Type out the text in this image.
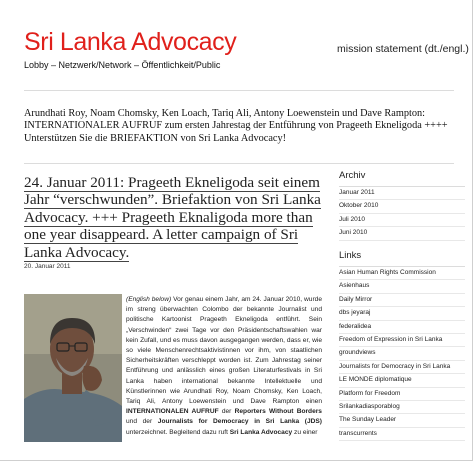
Sri Lanka Advocacy
Lobby – Netzwerk/Network – Öffentlichkeit/Public
mission statement (dt./engl.)
Arundhati Roy, Noam Chomsky, Ken Loach, Tariq Ali, Antony Loewenstein und Dave Rampton: INTERNATIONALER AUFRUF zum ersten Jahrestag der Entführung von Prageeth Ekneligoda ++++ Unterstützen Sie die BRIEFAKTION von Sri Lanka Advocacy!
24. Januar 2011: Prageeth Ekneligoda seit einem Jahr “verschwunden”. Briefaktion von Sri Lanka Advocacy. +++ Prageeth Eknaligoda more than one year disappeard. A letter campaign of Sri Lanka Advocacy.
20. Januar 2011
(English below) Vor genau einem Jahr, am 24. Januar 2010, wurde im streng überwachten Colombo der bekannte Journalist und politische Kartoonist Prageeth Ekneligoda entführt. Sein „Verschwinden“ zwei Tage vor den Präsidentschaftswahlen war kein Zufall, und es muss davon ausgegangen werden, dass er, wie so viele Menschenrechtsaktivistinnen vor ihm, von staatlichen Sicherheitskräften verschleppt worden ist. Zum Jahrestag seiner Entführung und anlässlich eines großen Literaturfestivals in Sri Lanka haben international bekannte Intellektuelle und Künstlerinnen wie Arundhati Roy, Noam Chomsky, Ken Loach, Tariq Ali, Antony Loewenstein und Dave Rampton einen INTERNATIONALEN AUFRUF der Reporters Without Borders und der Journalists for Democracy in Sri Lanka (JDS) unterzeichnet. Begleitend dazu ruft Sri Lanka Advocacy zu einer
Archiv
Januar 2011
Oktober 2010
Juli 2010
Juni 2010
Links
Asian Human Rights Commission
Asienhaus
Daily Mirror
dbs jeyaraj
federalidea
Freedom of Expression in Sri Lanka
groundviews
Journalists for Democracy in Sri Lanka
LE MONDE diplomatique
Platform for Freedom
Srilankadiasporablog
The Sunday Leader
transcurrents
